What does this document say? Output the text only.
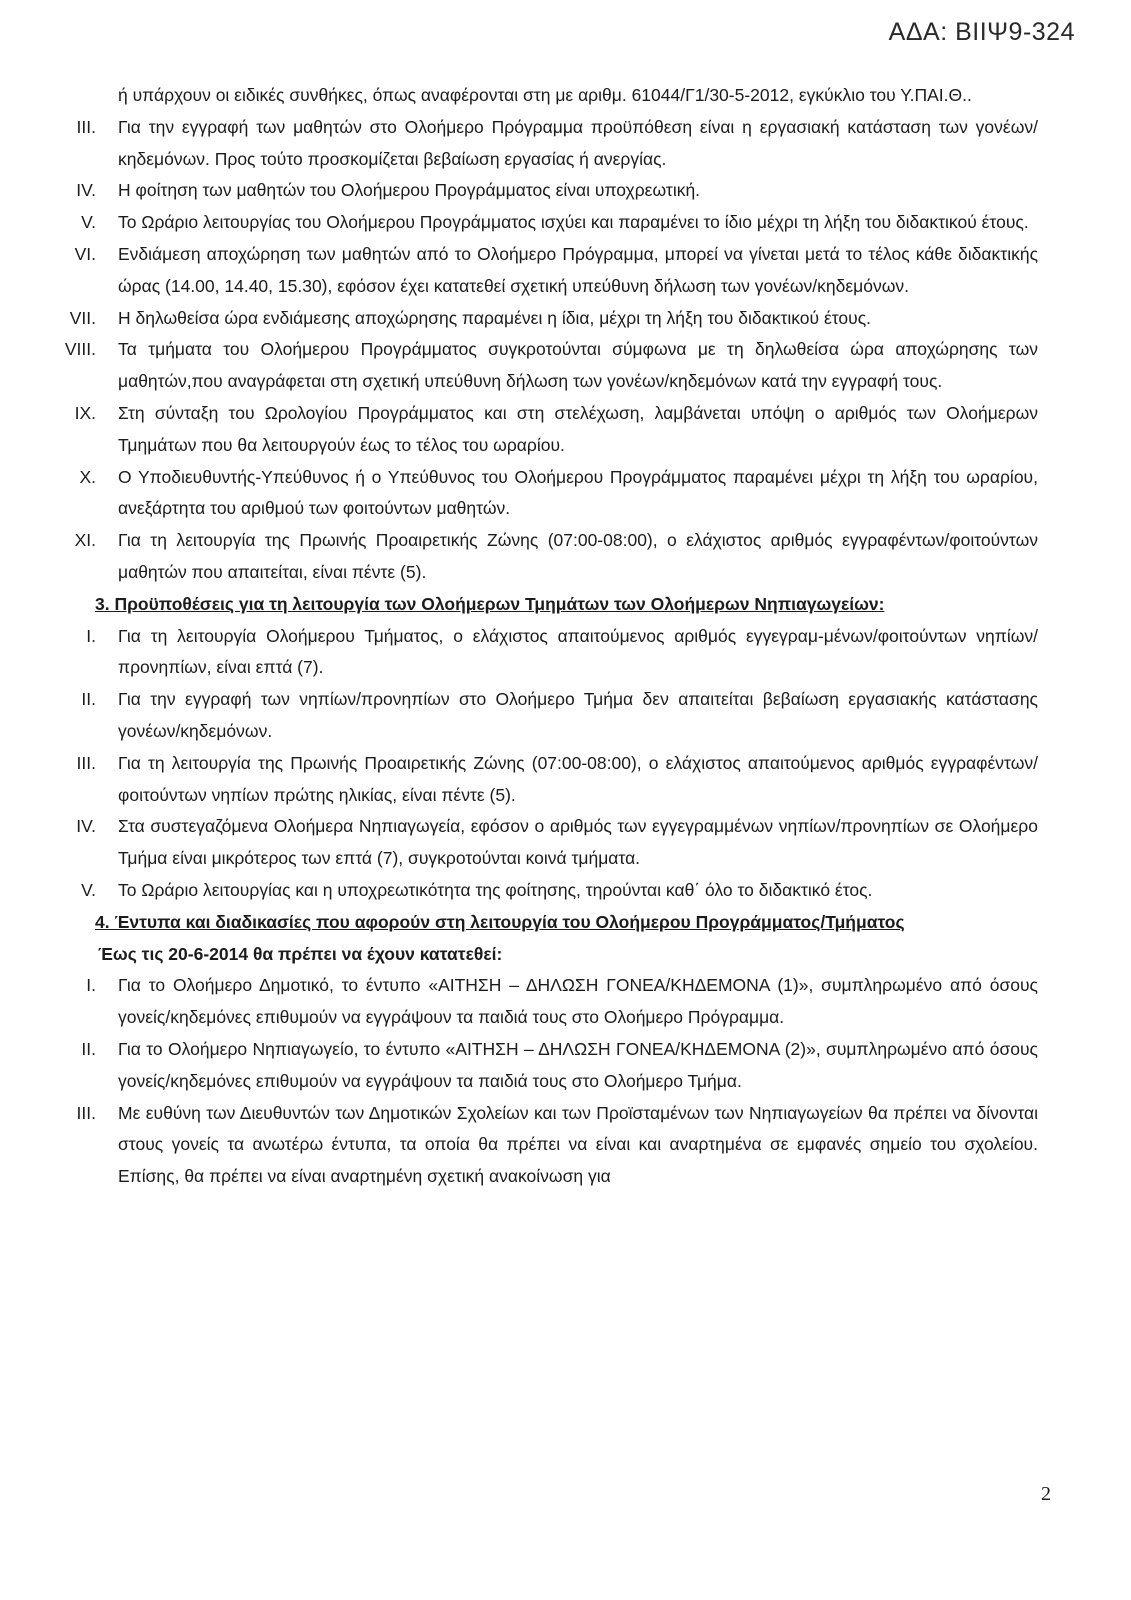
ΑΔΑ: ΒΙΙΨ9-324
ή υπάρχουν οι ειδικές συνθήκες, όπως αναφέρονται στη με αριθμ. 61044/Γ1/30-5-2012, εγκύκλιο του Υ.ΠΑΙ.Θ..
III.	Για την εγγραφή των μαθητών στο Ολοήμερο Πρόγραμμα προϋπόθεση είναι η εργασιακή κατάσταση των γονέων/κηδεμόνων. Προς τούτο προσκομίζεται βεβαίωση εργασίας ή ανεργίας.
IV.	Η φοίτηση των μαθητών του Ολοήμερου Προγράμματος είναι υποχρεωτική.
V.	Το Ωράριο λειτουργίας του Ολοήμερου Προγράμματος ισχύει και παραμένει το ίδιο μέχρι τη λήξη του διδακτικού έτους.
VI.	Ενδιάμεση αποχώρηση των μαθητών από το Ολοήμερο Πρόγραμμα, μπορεί να γίνεται μετά το τέλος κάθε διδακτικής ώρας (14.00, 14.40, 15.30), εφόσον έχει κατατεθεί σχετική υπεύθυνη δήλωση των γονέων/κηδεμόνων.
VII.	Η δηλωθείσα ώρα ενδιάμεσης αποχώρησης παραμένει η ίδια, μέχρι τη λήξη του διδακτικού έτους.
VIII.	Τα τμήματα του Ολοήμερου Προγράμματος συγκροτούνται σύμφωνα με τη δηλωθείσα ώρα αποχώρησης των μαθητών,που αναγράφεται στη σχετική υπεύθυνη δήλωση των γονέων/κηδεμόνων κατά την εγγραφή τους.
IX.	Στη σύνταξη του Ωρολογίου Προγράμματος και στη στελέχωση, λαμβάνεται υπόψη ο αριθμός των Ολοήμερων Τμημάτων που θα λειτουργούν έως το τέλος του ωραρίου.
X.	Ο Υποδιευθυντής-Υπεύθυνος ή ο Υπεύθυνος του Ολοήμερου Προγράμματος παραμένει μέχρι τη λήξη του ωραρίου, ανεξάρτητα του αριθμού των φοιτούντων μαθητών.
XI.	Για τη λειτουργία της Πρωινής Προαιρετικής Ζώνης (07:00-08:00), ο ελάχιστος αριθμός εγγραφέντων/φοιτούντων μαθητών που απαιτείται, είναι πέντε (5).
3. Προϋποθέσεις για τη λειτουργία των Ολοήμερων Τμημάτων των Ολοήμερων Νηπιαγωγείων:
I.	Για τη λειτουργία Ολοήμερου Τμήματος, ο ελάχιστος απαιτούμενος αριθμός εγγεγραμ-μένων/φοιτούντων νηπίων/προνηπίων, είναι επτά (7).
II.	Για την εγγραφή των νηπίων/προνηπίων στο Ολοήμερο Τμήμα δεν απαιτείται βεβαίωση εργασιακής κατάστασης γονέων/κηδεμόνων.
III.	Για τη λειτουργία της Πρωινής Προαιρετικής Ζώνης (07:00-08:00), ο ελάχιστος απαιτούμενος αριθμός εγγραφέντων/φοιτούντων νηπίων πρώτης ηλικίας, είναι πέντε (5).
IV.	Στα συστεγαζόμενα Ολοήμερα Νηπιαγωγεία, εφόσον ο αριθμός των εγγεγραμμένων νηπίων/προνηπίων σε Ολοήμερο Τμήμα είναι μικρότερος των επτά (7), συγκροτούνται κοινά τμήματα.
V.	Το Ωράριο λειτουργίας και η υποχρεωτικότητα της φοίτησης, τηρούνται καθ΄ όλο το διδακτικό έτος.
4. Έντυπα και διαδικασίες που αφορούν στη λειτουργία του Ολοήμερου Προγράμματος/Τμήματος
Έως τις 20-6-2014 θα πρέπει να έχουν κατατεθεί:
I.	Για το Ολοήμερο Δημοτικό, το έντυπο «ΑΙΤΗΣΗ – ΔΗΛΩΣΗ ΓΟΝΕΑ/ΚΗΔΕΜΟΝΑ (1)», συμπληρωμένο από όσους γονείς/κηδεμόνες επιθυμούν να εγγράψουν τα παιδιά τους στο Ολοήμερο Πρόγραμμα.
II.	Για το Ολοήμερο Νηπιαγωγείο, το έντυπο «ΑΙΤΗΣΗ – ΔΗΛΩΣΗ ΓΟΝΕΑ/ΚΗΔΕΜΟΝΑ (2)», συμπληρωμένο από όσους γονείς/κηδεμόνες επιθυμούν να εγγράψουν τα παιδιά τους στο Ολοήμερο Τμήμα.
III.	Με ευθύνη των Διευθυντών των Δημοτικών Σχολείων και των Προϊσταμένων των Νηπιαγωγείων θα πρέπει να δίνονται στους γονείς τα ανωτέρω έντυπα, τα οποία θα πρέπει να είναι και αναρτημένα σε εμφανές σημείο του σχολείου. Επίσης, θα πρέπει να είναι αναρτημένη σχετική ανακοίνωση για
2
